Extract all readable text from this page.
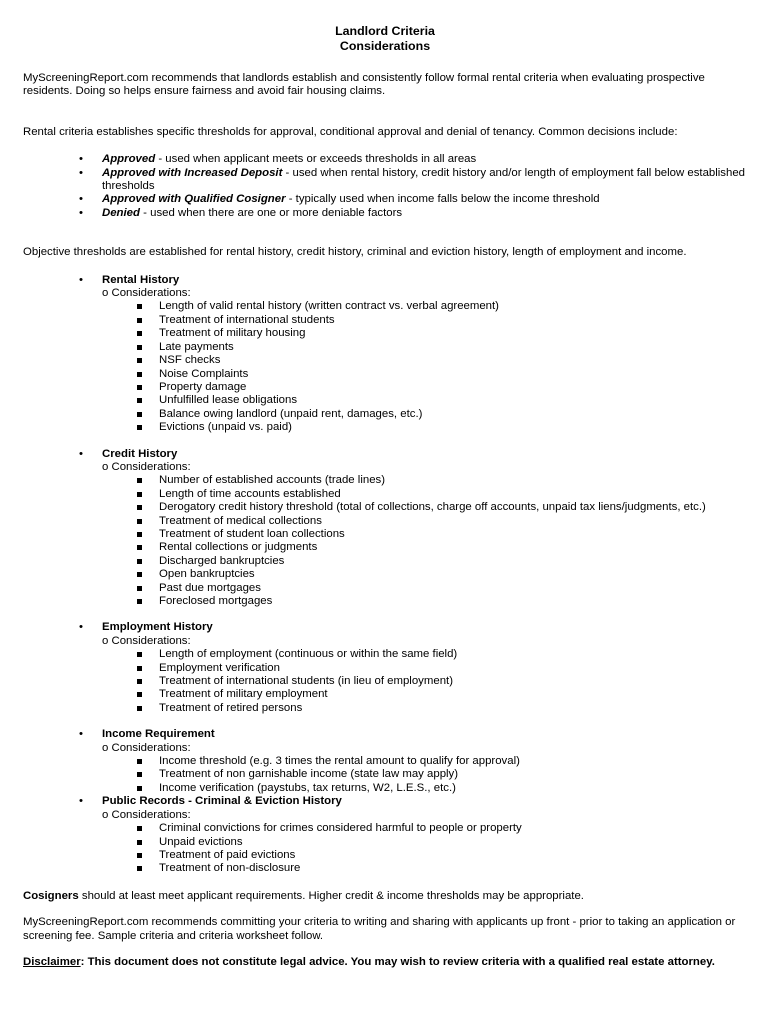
Landlord Criteria
Considerations

MyScreeningReport.com recommends that landlords establish and consistently follow formal rental criteria when evaluating prospective residents. Doing so helps ensure fairness and avoid fair housing claims.

Rental criteria establishes specific thresholds for approval, conditional approval and denial of tenancy. Common decisions include:

• Approved - used when applicant meets or exceeds thresholds in all areas
• Approved with Increased Deposit - used when rental history, credit history and/or length of employment fall below established thresholds
• Approved with Qualified Cosigner - typically used when income falls below the income threshold
• Denied - used when there are one or more deniable factors

Objective thresholds are established for rental history, credit history, criminal and eviction history, length of employment and income.

• Rental History
o Considerations:
Length of valid rental history (written contract vs. verbal agreement)
Treatment of international students
Treatment of military housing
Late payments
NSF checks
Noise Complaints
Property damage
Unfulfilled lease obligations
Balance owing landlord (unpaid rent, damages, etc.)
Evictions (unpaid vs. paid)
• Credit History
o Considerations:
Number of established accounts (trade lines)
Length of time accounts established
Derogatory credit history threshold (total of collections, charge off accounts, unpaid tax liens/judgments, etc.)
Treatment of medical collections
Treatment of student loan collections
Rental collections or judgments
Discharged bankruptcies
Open bankruptcies
Past due mortgages
Foreclosed mortgages
• Employment History
o Considerations:
Length of employment (continuous or within the same field)
Employment verification
Treatment of international students (in lieu of employment)
Treatment of military employment
Treatment of retired persons
• Income Requirement
o Considerations:
Income threshold (e.g. 3 times the rental amount to qualify for approval)
Treatment of non garnishable income (state law may apply)
Income verification (paystubs, tax returns, W2, L.E.S., etc.)
• Public Records - Criminal & Eviction History
o Considerations:
Criminal convictions for crimes considered harmful to people or property
Unpaid evictions
Treatment of paid evictions
Treatment of non-disclosure

Cosigners should at least meet applicant requirements. Higher credit & income thresholds may be appropriate.

MyScreeningReport.com recommends committing your criteria to writing and sharing with applicants up front - prior to taking an application or screening fee. Sample criteria and criteria worksheet follow.

Disclaimer: This document does not constitute legal advice. You may wish to review criteria with a qualified real estate attorney.
